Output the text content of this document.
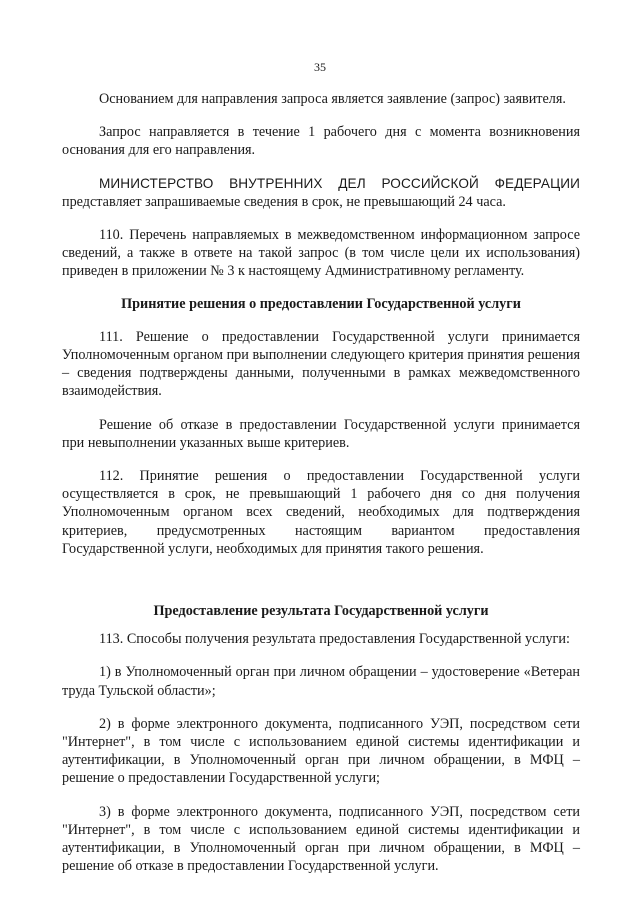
35

Основанием для направления запроса является заявление (запрос) заявителя.

Запрос направляется в течение 1 рабочего дня с момента возникновения основания для его направления.

МИНИСТЕРСТВО ВНУТРЕННИХ ДЕЛ РОССИЙСКОЙ ФЕДЕРАЦИИ представляет запрашиваемые сведения в срок, не превышающий 24 часа.

110. Перечень направляемых в межведомственном информационном запросе сведений, а также в ответе на такой запрос (в том числе цели их использования) приведен в приложении № 3 к настоящему Административному регламенту.

Принятие решения о предоставлении Государственной услуги

111. Решение о предоставлении Государственной услуги принимается Уполномоченным органом при выполнении следующего критерия принятия решения – сведения подтверждены данными, полученными в рамках межведомственного взаимодействия.

Решение об отказе в предоставлении Государственной услуги принимается при невыполнении указанных выше критериев.

112. Принятие решения о предоставлении Государственной услуги осуществляется в срок, не превышающий 1 рабочего дня со дня получения Уполномоченным органом всех сведений, необходимых для подтверждения критериев, предусмотренных настоящим вариантом предоставления Государственной услуги, необходимых для принятия такого решения.

Предоставление результата Государственной услуги

113. Способы получения результата предоставления Государственной услуги:

1) в Уполномоченный орган при личном обращении – удостоверение «Ветеран труда Тульской области»;

2) в форме электронного документа, подписанного УЭП, посредством сети "Интернет", в том числе с использованием единой системы идентификации и аутентификации, в Уполномоченный орган при личном обращении, в МФЦ – решение о предоставлении Государственной услуги;

3) в форме электронного документа, подписанного УЭП, посредством сети "Интернет", в том числе с использованием единой системы идентификации и аутентификации, в Уполномоченный орган при личном обращении, в МФЦ – решение об отказе в предоставлении Государственной услуги.
